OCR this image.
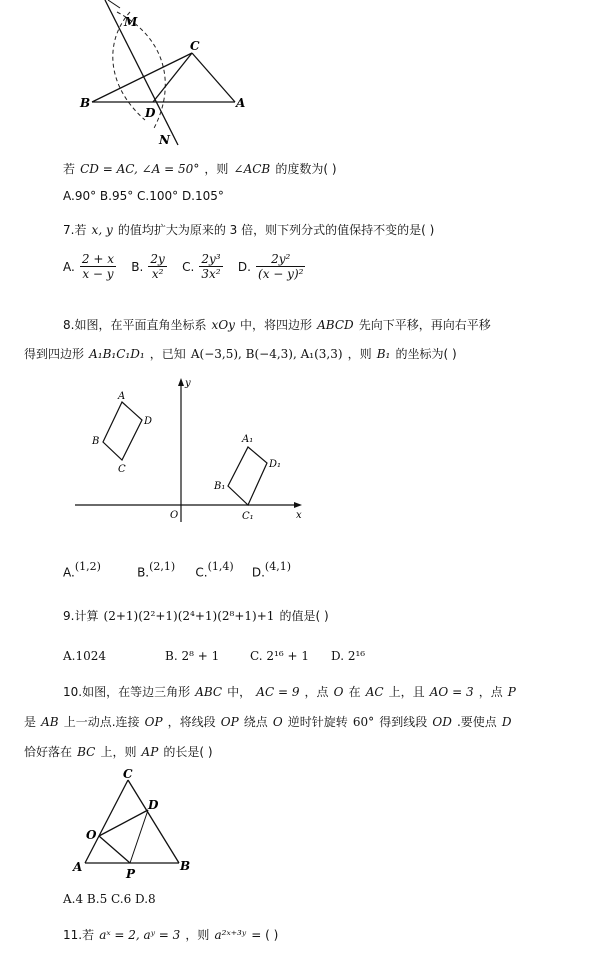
M
C
B
D
A
N
若 CD = AC, ∠A = 50° ，则 ∠ACB 的度数为( )
A.90° B.95° C.100° D.105°
7.若 x, y 的值均扩大为原来的 3 倍，则下列分式的值保持不变的是( )
A. $\frac{2 + x}{x - y} B$. $\frac{2y}{\text{x²}} C$. $\frac{\text{2y³}}{\text{3x²}} D$. $\frac{\text{2y²}}{\text{(x − y)²}}$
8.如图，在平面直角坐标系 xOy 中，将四边形 ABCD 先向下平移，再向右平移
得到四边形 A₁B₁C₁D₁ ，已知 A(−3,5), B(−4,3), A₁(3,3) ，则 B₁ 的坐标为( )
y
A
D
B
C
A₁
D₁
B₁
C₁
O	x
A.$^{(1,2)}$	B.$^{(2,1)}$ C.$^{(1,4)}$ D.$^{(4,1)}$
9.计算 (2+1)(2²+1)(2⁴+1)(2⁸+1)+1 的值是( )
A.1024	B. 2⁸ + 1	C. 2¹⁶ + 1 D. 2¹⁶
10.如图，在等边三角形 ABC 中， AC = 9 ，点 O 在 AC 上，且 AO = 3 ，点 P
是 AB 上一动点.连接 OP ，将线段 OP 绕点 O 逆时针旋转 60° 得到线段 OD .要使点 D
恰好落在 BC 上，则 AP 的长是( )
C
D
O
A	P
B
A.4 B.5 C.6 D.8
11.若 aˣ = 2, aʸ = 3 ，则 a²ˣ⁺³ʸ = ( )
